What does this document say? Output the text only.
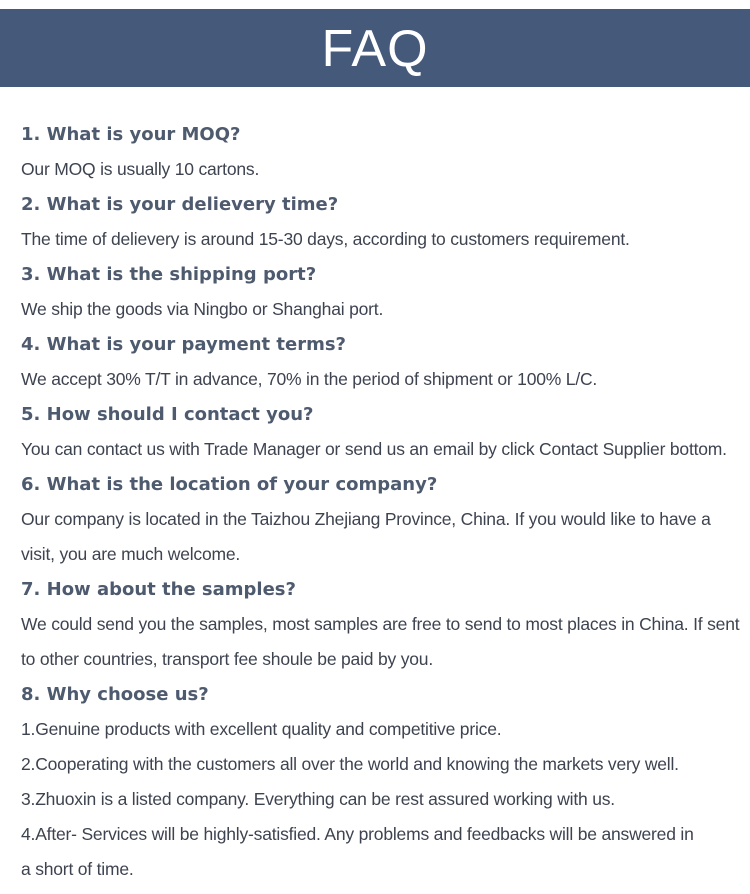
FAQ
1. What is your MOQ?
Our MOQ is usually 10 cartons.
2. What is your delievery time?
The time of delievery is around 15-30 days, according to customers requirement.
3. What is the shipping port?
We ship the goods via Ningbo or Shanghai port.
4. What is your payment terms?
We accept 30% T/T in advance, 70% in the period of shipment or 100% L/C.
5. How should I contact you?
You can contact us with Trade Manager or send us an email by click Contact Supplier bottom.
6. What is the location of your company?
Our company is located in the Taizhou Zhejiang Province, China. If you would like to have a
visit, you are much welcome.
7. How about the samples?
We could send you the samples, most samples are free to send to most places in China. If sent
to other countries, transport fee shoule be paid by you.
8. Why choose us?
1.Genuine products with excellent quality and competitive price.
2.Cooperating with the customers all over the world and knowing the markets very well.
3.Zhuoxin is a listed company. Everything can be rest assured working with us.
4.After- Services will be highly-satisfied. Any problems and feedbacks will be answered in
a short of time.
